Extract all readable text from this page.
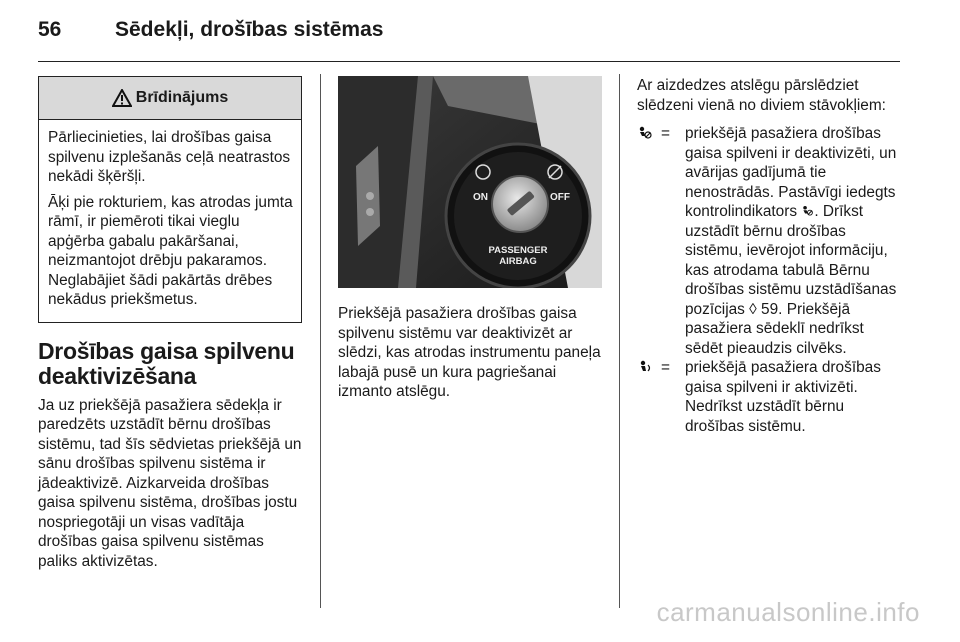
56	Sēdekļi, drošības sistēmas
Brīdinājums

Pārliecinieties, lai drošības gaisa spilvenu izplešanās ceļā neatrastos nekādi šķēršļi.

Āķi pie rokturiem, kas atrodas jumta rāmī, ir piemēroti tikai vieglu apģērba gabalu pakāršanai, neizmantojot drēbju pakaramos. Neglabājiet šādi pakārtās drēbes nekādus priekšmetus.

Drošības gaisa spilvenu deaktivizēšana

Ja uz priekšējā pasažiera sēdekļa ir paredzēts uzstādīt bērnu drošības sistēmu, tad šīs sēdvietas priekšējā un sānu drošības spilvenu sistēma ir jādeaktivizē. Aizkarveida drošības gaisa spilvenu sistēma, drošības jostu nospriegotāji un visas vadītāja drošības gaisa spilvenu sistēmas paliks aktivizētas.

ON	OFF
PASSENGER
AIRBAG

Priekšējā pasažiera drošības gaisa spilvenu sistēmu var deaktivizēt ar slēdzi, kas atrodas instrumentu paneļa labajā pusē un kura pagriešanai izmanto atslēgu.

Ar aizdedzes atslēgu pārslēdziet slēdzeni vienā no diviem stāvokļiem:

= priekšējā pasažiera drošības gaisa spilveni ir deaktivizēti, un avārijas gadījumā tie nenostrādās. Pastāvīgi iedegts kontrolindikators . Drīkst uzstādīt bērnu drošības sistēmu, ievērojot informāciju, kas atrodama tabulā Bērnu drošības sistēmu uzstādīšanas pozīcijas ◊ 59. Priekšējā pasažiera sēdeklī nedrīkst sēdēt pieaudzis cilvēks.
= priekšējā pasažiera drošības gaisa spilveni ir aktivizēti. Nedrīkst uzstādīt bērnu drošības sistēmu.
carmanualsonline.info
